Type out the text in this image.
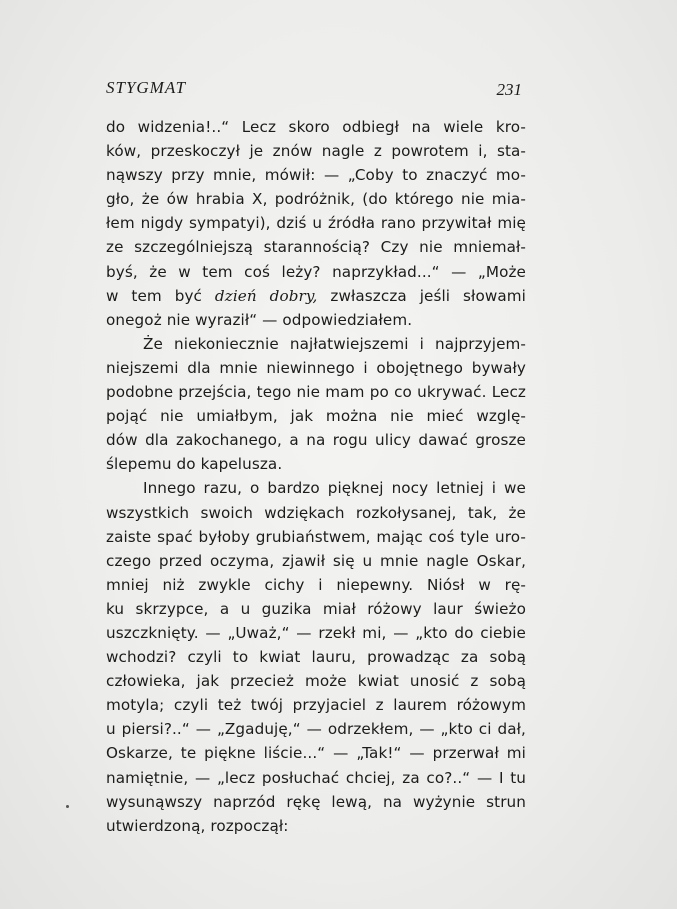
STYGMAT	231
do widzenia!..“ Lecz skoro odbiegł na wiele kro-
ków, przeskoczył je znów nagle z powrotem i, sta-
nąwszy przy mnie, mówił: — „Coby to znaczyć mo-
gło, że ów hrabia X, podróżnik, (do którego nie mia-
łem nigdy sympatyi), dziś u źródła rano przywitał mię
ze szczególniejszą starannością? Czy nie mniemał-
byś, że w tem coś leży? naprzykład...“ — „Może
w tem być dzień dobry, zwłaszcza jeśli słowami
onegoż nie wyraził“ — odpowiedziałem.
Że niekoniecznie najłatwiejszemi i najprzyjem-
niejszemi dla mnie niewinnego i obojętnego bywały
podobne przejścia, tego nie mam po co ukrywać. Lecz
pojąć nie umiałbym, jak można nie mieć wzglę-
dów dla zakochanego, a na rogu ulicy dawać grosze
ślepemu do kapelusza.
Innego razu, o bardzo pięknej nocy letniej i we
wszystkich swoich wdziękach rozkołysanej, tak, że
zaiste spać byłoby grubiaństwem, mając coś tyle uro-
czego przed oczyma, zjawił się u mnie nagle Oskar,
mniej niż zwykle cichy i niepewny. Niósł w rę-
ku skrzypce, a u guzika miał różowy laur świeżo
uszczknięty. — „Uważ,“ — rzekł mi, — „kto do ciebie
wchodzi? czyli to kwiat lauru, prowadząc za sobą
człowieka, jak przecież może kwiat unosić z sobą
motyla; czyli też twój przyjaciel z laurem różowym
u piersi?..“ — „Zgaduję,“ — odrzekłem, — „kto ci dał,
Oskarze, te piękne liście...“ — „Tak!“ — przerwał mi
namiętnie, — „lecz posłuchać chciej, za co?..“ — I tu
wysunąwszy naprzód rękę lewą, na wyżynie strun
utwierdzoną, rozpoczął:
